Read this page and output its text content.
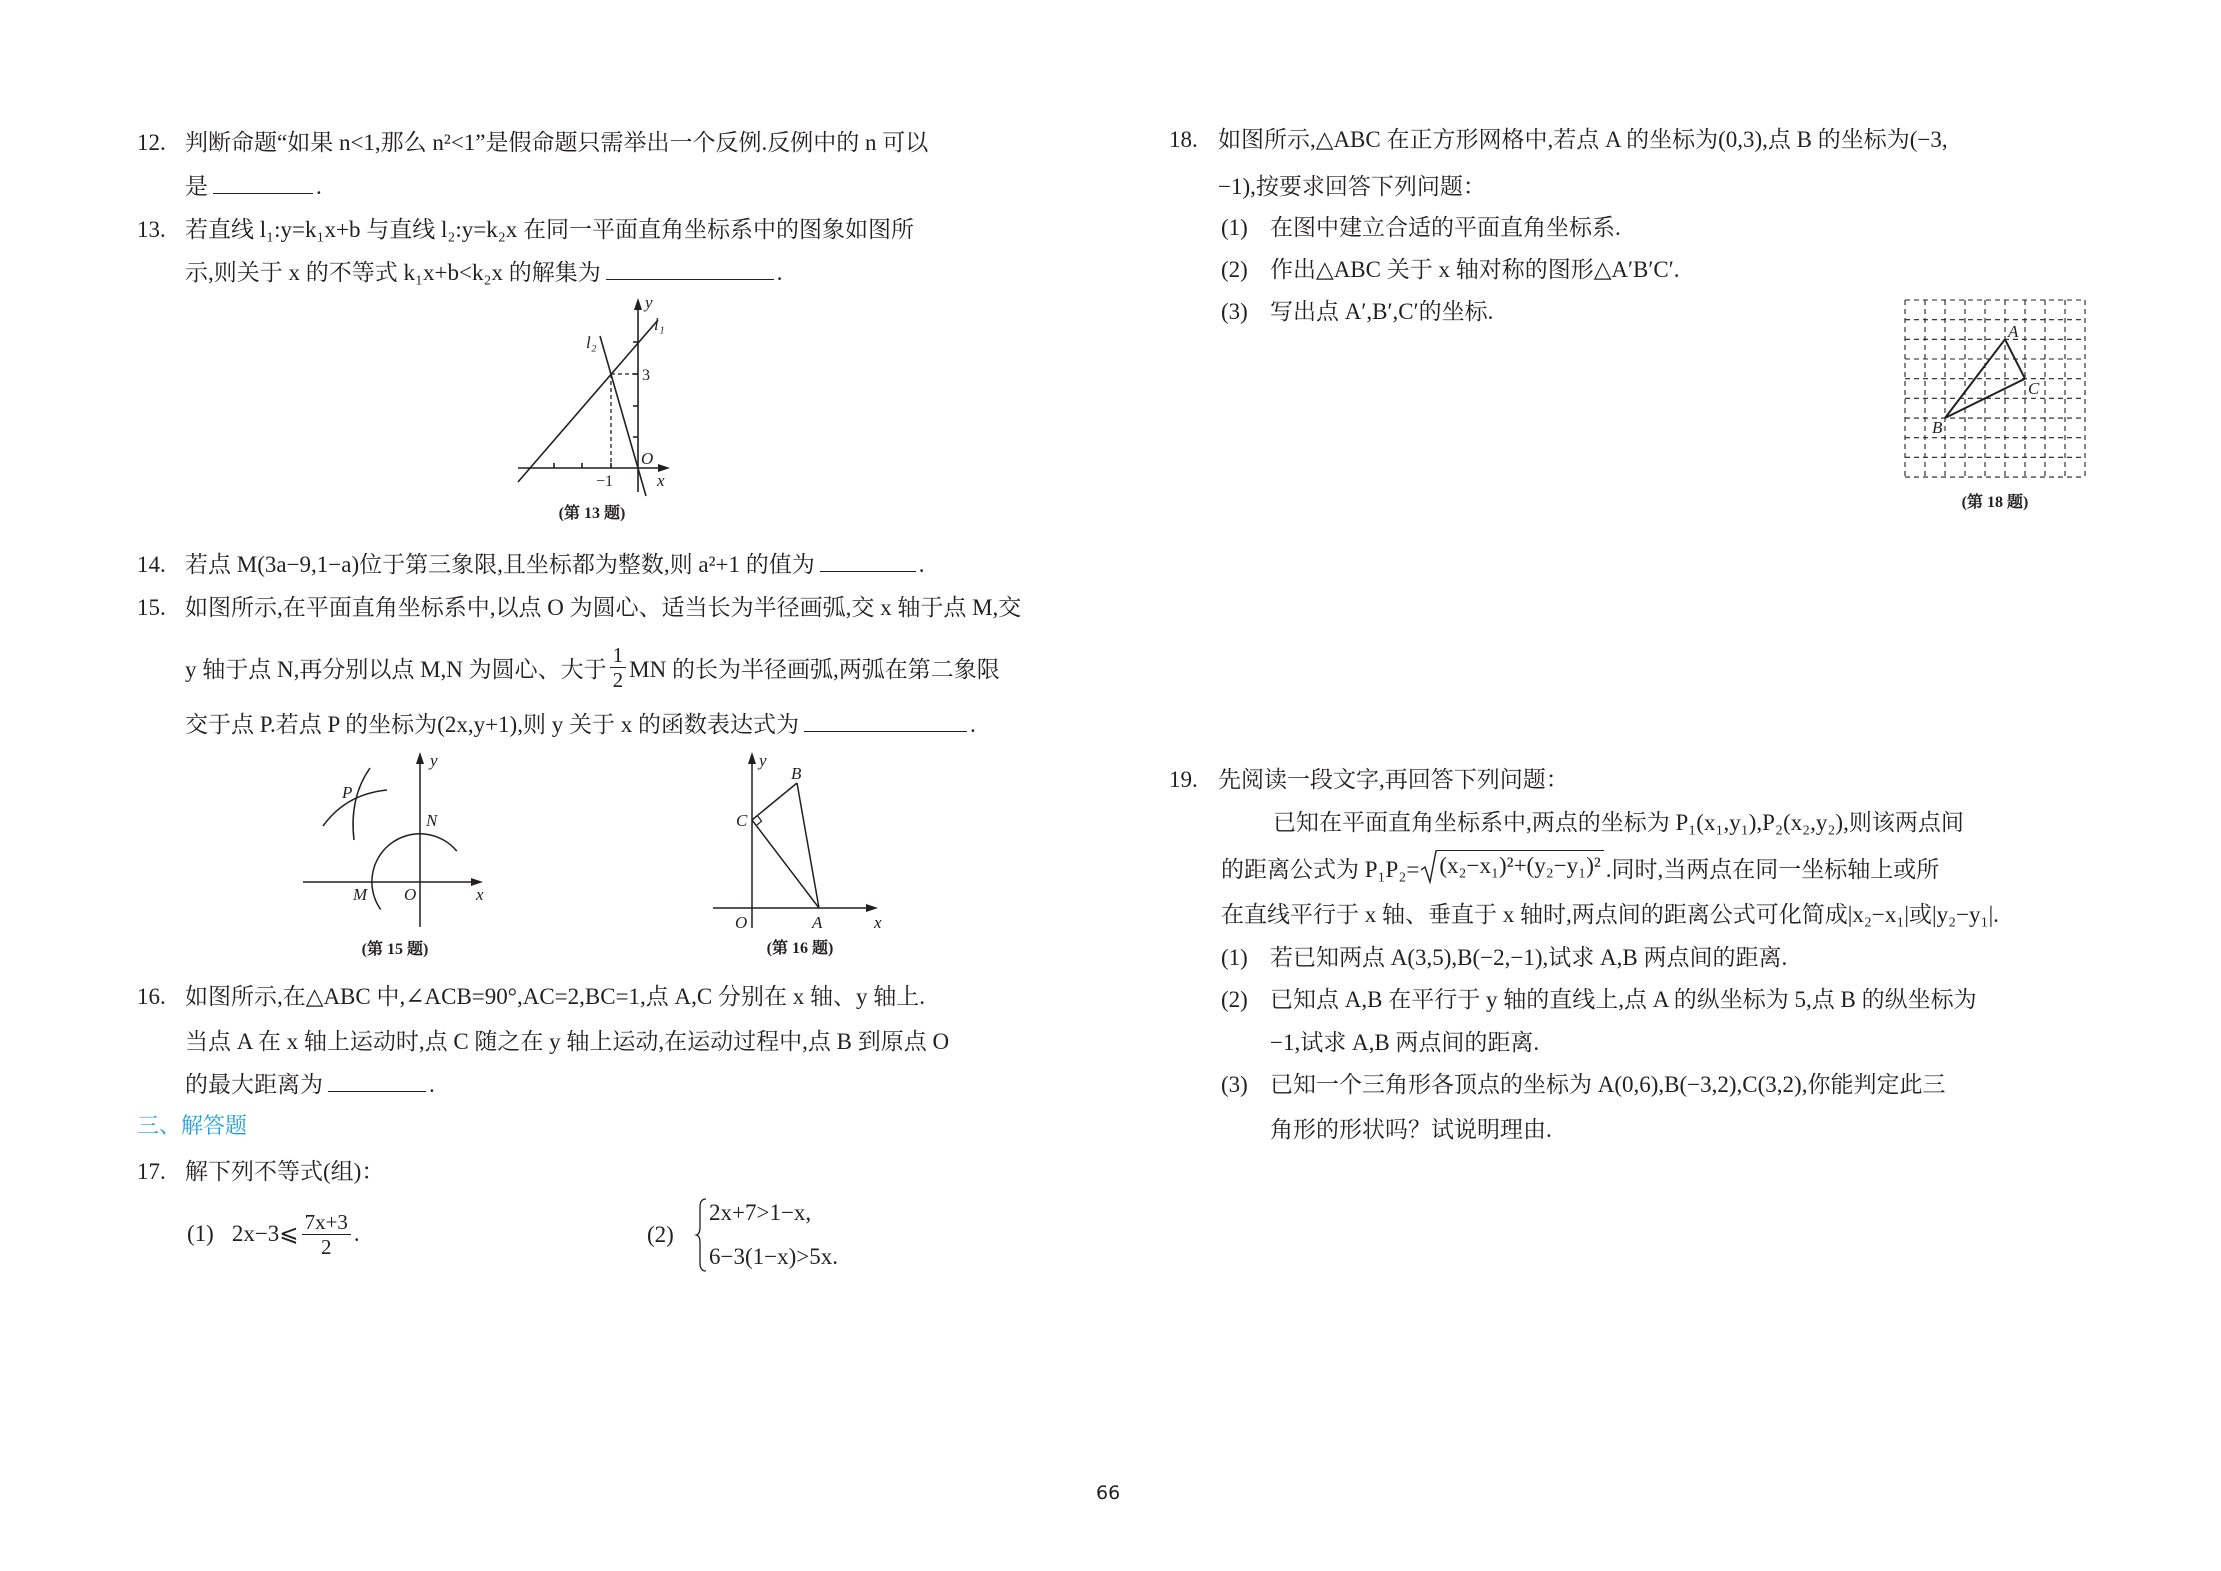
12. 判断命题“如果 n<1,那么 n²<1”是假命题只需举出一个反例.反例中的 n 可以
是	.
13. 若直线 l₁:y=k₁x+b 与直线 l₂:y=k₂x 在同一平面直角坐标系中的图象如图所
示,则关于 x 的不等式 k₁x+b<k₂x 的解集为	.
y
l₁
l₂
3
O
x
−1
(第 13 题)
14. 若点 M(3a−9,1−a)位于第三象限,且坐标都为整数,则 a²+1 的值为	.
15. 如图所示,在平面直角坐标系中,以点 O 为圆心、适当长为半径画弧,交 x 轴于点 M,交
y 轴于点 N,再分别以点 M,N 为圆心、大于 $\frac{1}{2}$ MN 的长为半径画弧,两弧在第二象限
交于点 P.若点 P 的坐标为(2x,y+1),则 y 关于 x 的函数表达式为	.
y
x
O
M
N
P
(第 15 题)
y
B
C
O	A	x
(第 16 题)
16. 如图所示,在△ABC 中,∠ACB=90°,AC=2,BC=1,点 A,C 分别在 x 轴、y 轴上.
当点 A 在 x 轴上运动时,点 C 随之在 y 轴上运动,在运动过程中,点 B 到原点 O
的最大距离为	.
三、解答题
17. 解下列不等式(组)：
(1) 2x−3⩽ $\frac{7x+3}{2}$ .	(2)
2x+7>1−x,
6−3(1−x)>5x.
66
18. 如图所示,△ABC 在正方形网格中,若点 A 的坐标为(0,3),点 B 的坐标为(−3,
−1),按要求回答下列问题：
(1) 在图中建立合适的平面直角坐标系.
(2) 作出△ABC 关于 x 轴对称的图形△A′B′C′.
(3) 写出点 A′,B′,C′的坐标.
A
C
B
(第 18 题)
19. 先阅读一段文字,再回答下列问题：
已知在平面直角坐标系中,两点的坐标为 P₁(x₁,y₁),P₂(x₂,y₂),则该两点间
的距离公式为 P₁P₂= (x₂−x₁)²+(y₂−y₁)² .同时,当两点在同一坐标轴上或所
在直线平行于 x 轴、垂直于 x 轴时,两点间的距离公式可化简成|x₂−x₁|或|y₂−y₁|.
(1) 若已知两点 A(3,5),B(−2,−1),试求 A,B 两点间的距离.
(2) 已知点 A,B 在平行于 y 轴的直线上,点 A 的纵坐标为 5,点 B 的纵坐标为
−1,试求 A,B 两点间的距离.
(3) 已知一个三角形各顶点的坐标为 A(0,6),B(−3,2),C(3,2),你能判定此三
角形的形状吗？试说明理由.
